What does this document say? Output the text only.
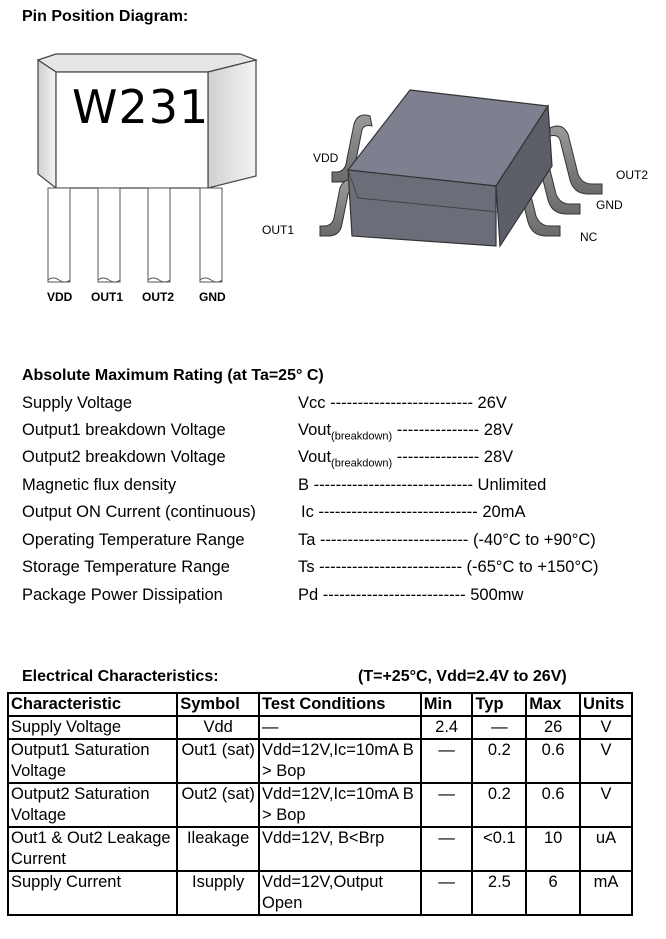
Pin Position Diagram:
W231
VDD OUT1 OUT2 GND
VDD
OUT1
OUT2
GND
NC
Absolute Maximum Rating (at Ta=25° C)
Supply Voltage	Vcc -------------------------- 26V
Output1 breakdown Voltage	Vout$_{(breakdown)}$ --------------- 28V
Output2 breakdown Voltage	Vout$_{(breakdown)}$ --------------- 28V
Magnetic flux density	B ----------------------------- Unlimited
Output ON Current (continuous)	Ic ----------------------------- 20mA
Operating Temperature Range	Ta --------------------------- (-40°C to +90°C)
Storage Temperature Range	Ts -------------------------- (-65°C to +150°C)
Package Power Dissipation	Pd -------------------------- 500mw
Electrical Characteristics:	(T=+25°C, Vdd=2.4V to 26V)
Characteristic	Symbol	Test Conditions	Min	Typ	Max	Units
Supply Voltage	Vdd	—	2.4	—	26	V
Output1 Saturation Voltage	Out1 (sat)	Vdd=12V,Ic=10mA B > Bop	—	0.2	0.6	V
Output2 Saturation Voltage	Out2 (sat)	Vdd=12V,Ic=10mA B > Bop	—	0.2	0.6	V
Out1 & Out2 Leakage Current	Ileakage	Vdd=12V, B<Brp	—	<0.1	10	uA
Supply Current	Isupply	Vdd=12V,Output Open	—	2.5	6	mA
